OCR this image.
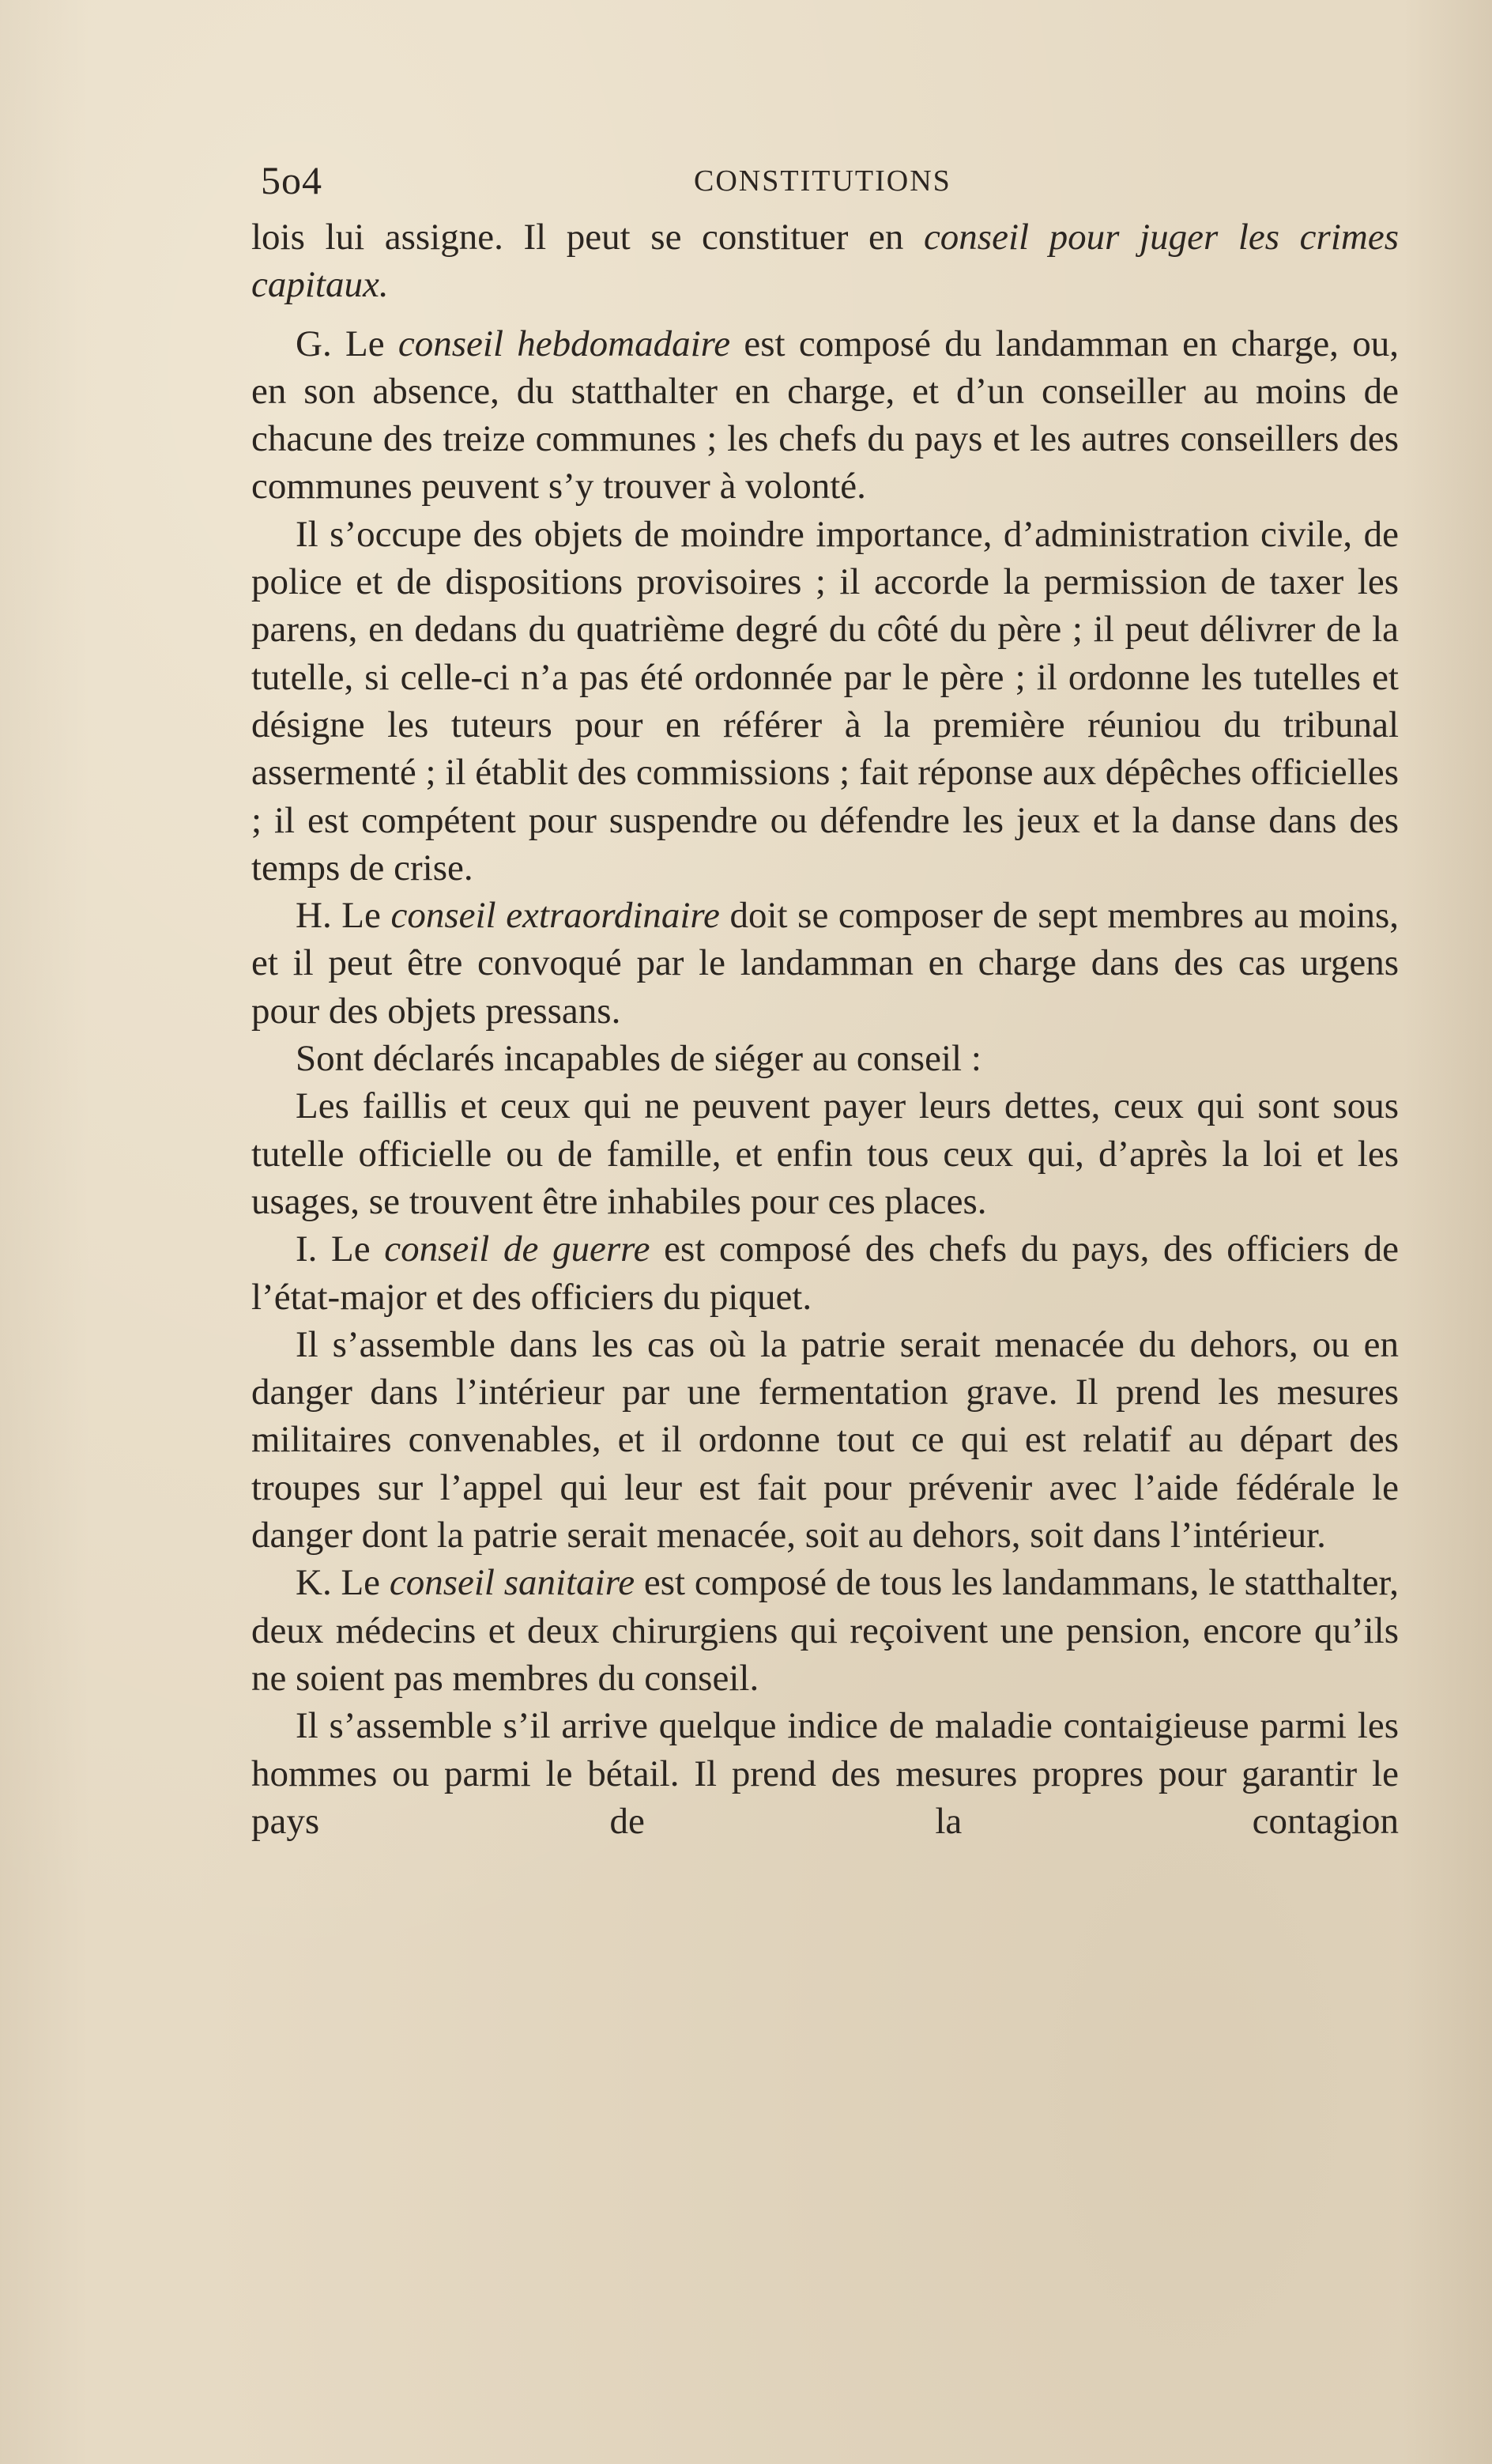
5o4	CONSTITUTIONS

lois lui assigne. Il peut se constituer en conseil pour juger les crimes capitaux.

G. Le conseil hebdomadaire est composé du landamman en charge, ou, en son absence, du statthalter en charge, et d’un conseiller au moins de chacune des treize communes ; les chefs du pays et les autres conseillers des communes peuvent s’y trouver à volonté.

Il s’occupe des objets de moindre importance, d’administration civile, de police et de dispositions provisoires ; il accorde la permission de taxer les parens, en dedans du quatrième degré du côté du père ; il peut délivrer de la tutelle, si celle-ci n’a pas été ordonnée par le père ; il ordonne les tutelles et désigne les tuteurs pour en référer à la première réuniou du tribunal assermenté ; il établit des commissions ; fait réponse aux dépêches officielles ; il est compétent pour suspendre ou défendre les jeux et la danse dans des temps de crise.

H. Le conseil extraordinaire doit se composer de sept membres au moins, et il peut être convoqué par le landamman en charge dans des cas urgens pour des objets pressans.

Sont déclarés incapables de siéger au conseil :

Les faillis et ceux qui ne peuvent payer leurs dettes, ceux qui sont sous tutelle officielle ou de famille, et enfin tous ceux qui, d’après la loi et les usages, se trouvent être inhabiles pour ces places.

I. Le conseil de guerre est composé des chefs du pays, des officiers de l’état-major et des officiers du piquet.

Il s’assemble dans les cas où la patrie serait menacée du dehors, ou en danger dans l’intérieur par une fermentation grave. Il prend les mesures militaires convenables, et il ordonne tout ce qui est relatif au départ des troupes sur l’appel qui leur est fait pour prévenir avec l’aide fédérale le danger dont la patrie serait menacée, soit au dehors, soit dans l’intérieur.

K. Le conseil sanitaire est composé de tous les landammans, le statthalter, deux médecins et deux chirurgiens qui reçoivent une pension, encore qu’ils ne soient pas membres du conseil.

Il s’assemble s’il arrive quelque indice de maladie contaigieuse parmi les hommes ou parmi le bétail. Il prend des mesures propres pour garantir le pays de la contagion
